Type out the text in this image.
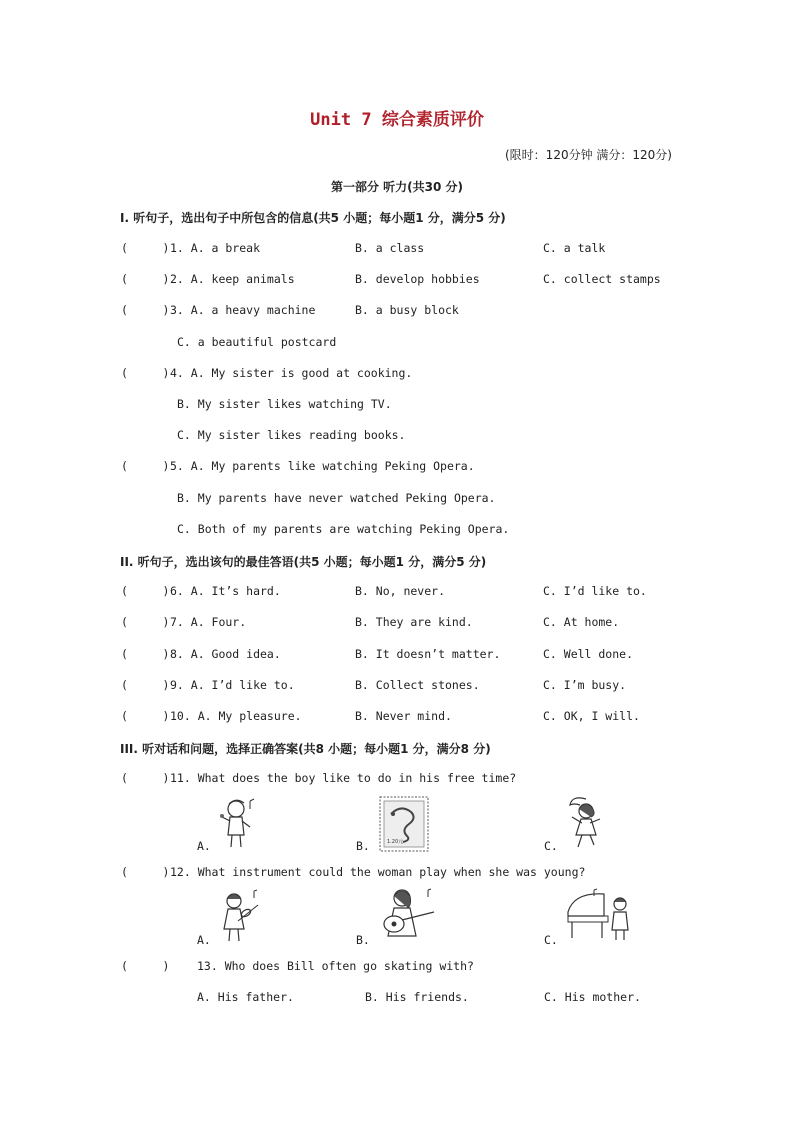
Unit 7 综合素质评价
(限时：120分钟 满分：120分)
第一部分 听力(共30 分)
I. 听句子，选出句子中所包含的信息(共5 小题；每小题1 分，满分5 分)
(     ) 1. A. a break	B. a class	C. a talk
(     ) 2. A. keep animals	B. develop hobbies	C. collect stamps
(     ) 3. A. a heavy machine	B. a busy block
C. a beautiful postcard
(     ) 4. A. My sister is good at cooking.
B. My sister likes watching TV.
C. My sister likes reading books.
(     ) 5. A. My parents like watching Peking Opera.
B. My parents have never watched Peking Opera.
C. Both of my parents are watching Peking Opera.
II. 听句子，选出该句的最佳答语(共5 小题；每小题1 分，满分5 分)
(     ) 6. A. It’s hard.	B. No, never.	C. I’d like to.
(     ) 7. A. Four.	B. They are kind.	C. At home.
(     ) 8. A. Good idea.	B. It doesn’t matter.	C. Well done.
(     ) 9. A. I’d like to.	B. Collect stones.	C. I’m busy.
(     ) 10. A. My pleasure.	B. Never mind.	C. OK, I will.
III. 听对话和问题，选择正确答案(共8 小题；每小题1 分，满分8 分)
(     ) 11. What does the boy like to do in his free time?
A.	B.	1.20元	C.
(     ) 12. What instrument could the woman play when she was young?
A.	B.	C.
(     ) 13. Who does Bill often go skating with?
A. His father.	B. His friends.	C. His mother.
